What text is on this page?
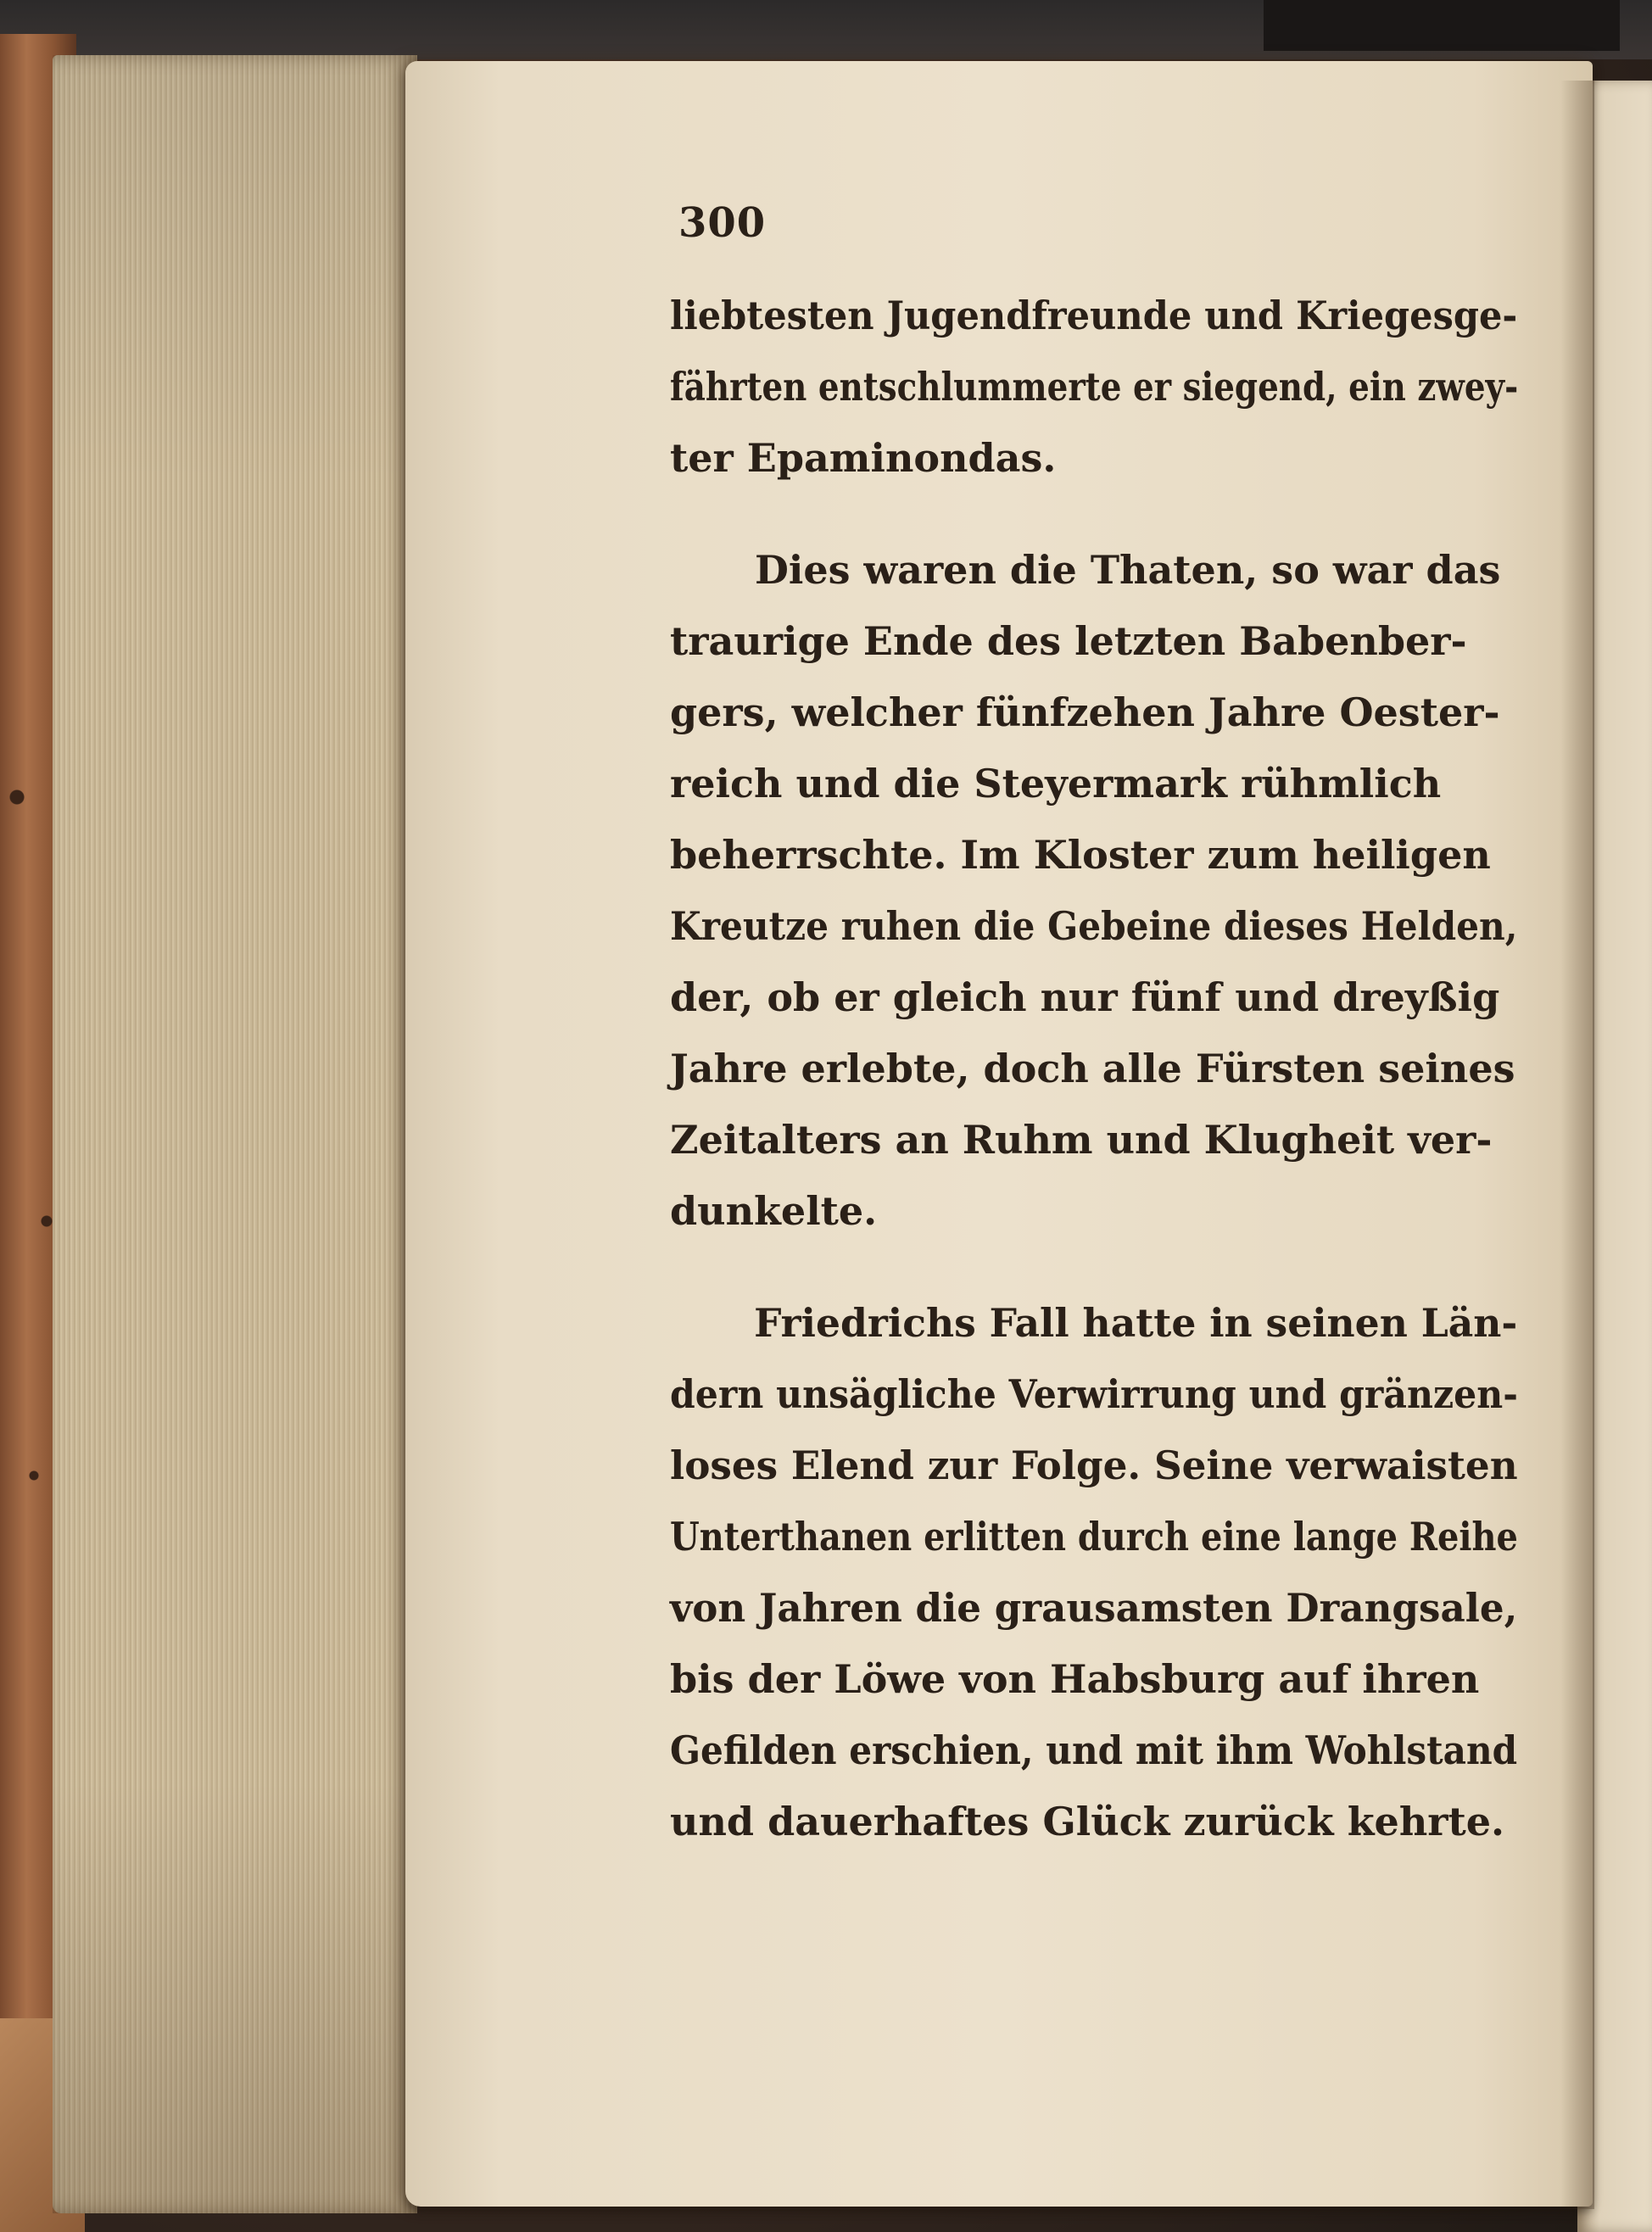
300
liebtesten Jugendfreunde und Kriegesge-
fährten entschlummerte er siegend, ein zwey-
ter Epaminondas.
Dies waren die Thaten, so war das
traurige Ende des letzten Babenber-
gers, welcher fünfzehen Jahre Oester-
reich und die Steyermark rühmlich
beherrschte. Im Kloster zum heiligen
Kreutze ruhen die Gebeine dieses Helden,
der, ob er gleich nur fünf und dreyßig
Jahre erlebte, doch alle Fürsten seines
Zeitalters an Ruhm und Klugheit ver-
dunkelte.
Friedrichs Fall hatte in seinen Län-
dern unsägliche Verwirrung und gränzen-
loses Elend zur Folge. Seine verwaisten
Unterthanen erlitten durch eine lange Reihe
von Jahren die grausamsten Drangsale,
bis der Löwe von Habsburg auf ihren
Gefilden erschien, und mit ihm Wohlstand
und dauerhaftes Glück zurück kehrte.
